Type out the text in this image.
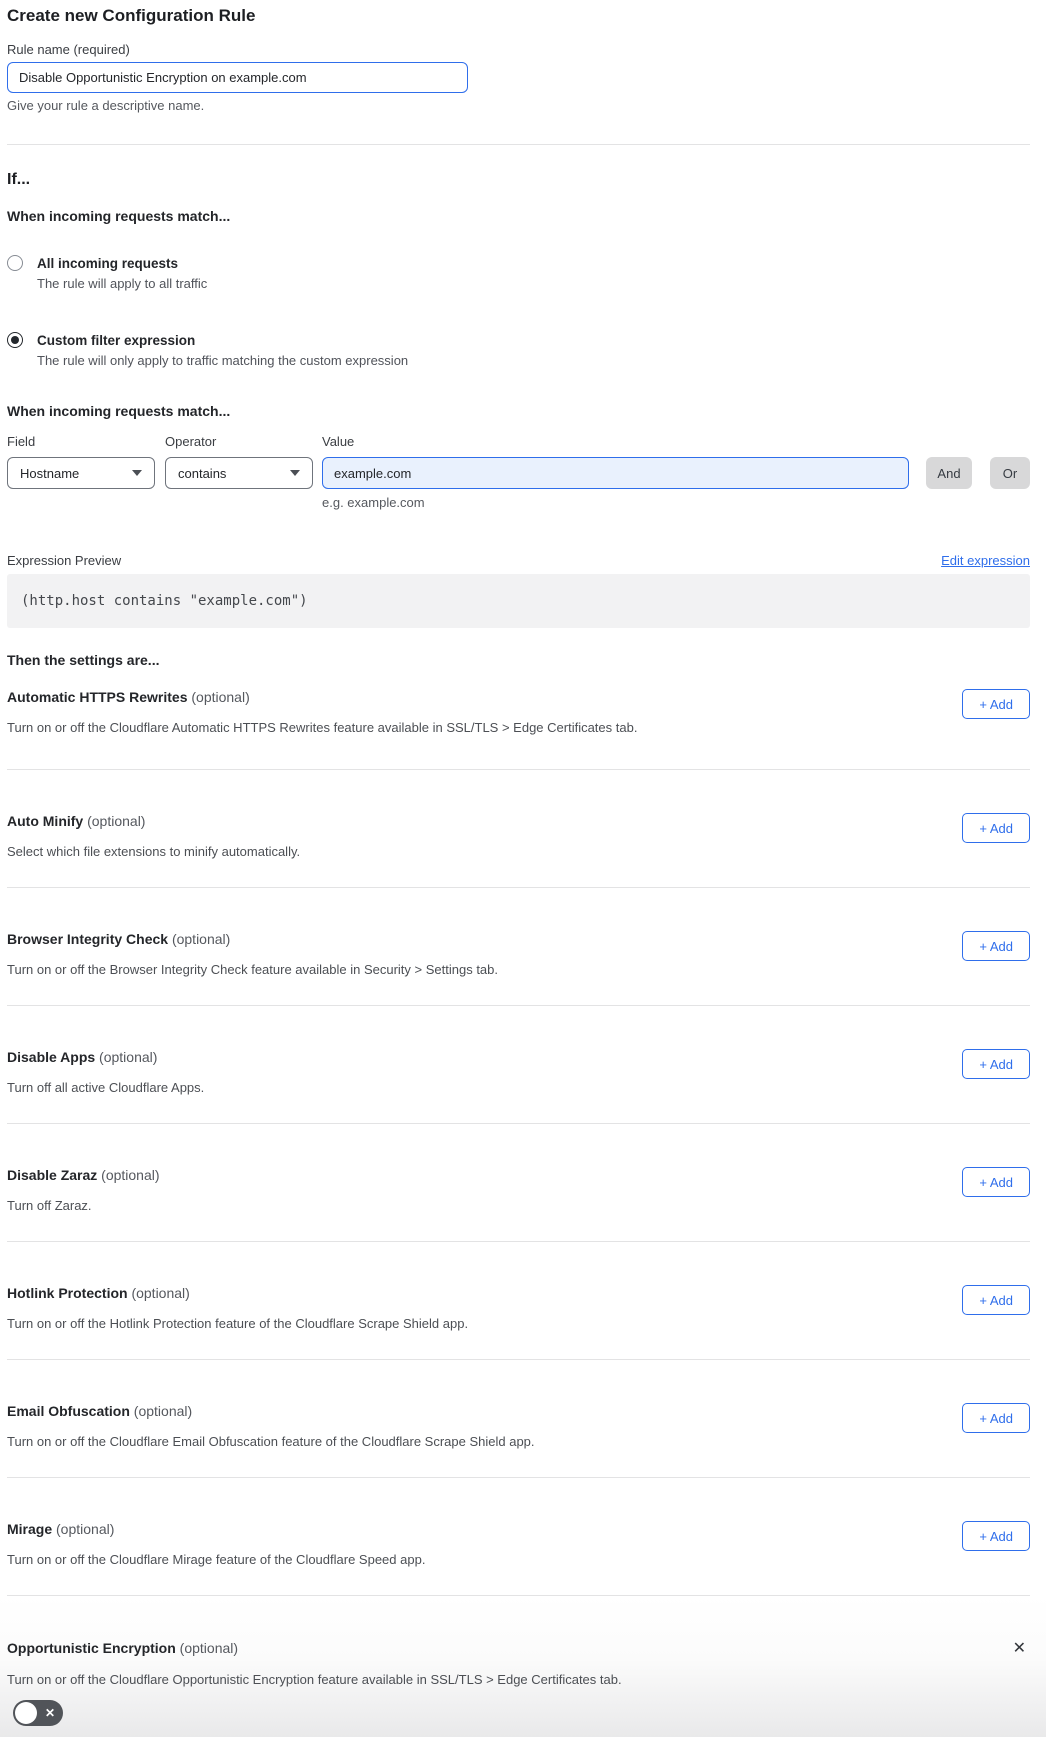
Create new Configuration Rule
Rule name (required)
Disable Opportunistic Encryption on example.com
Give your rule a descriptive name.
If...
When incoming requests match...
All incoming requests
The rule will apply to all traffic
Custom filter expression
The rule will only apply to traffic matching the custom expression
When incoming requests match...
Field
Hostname
Operator
contains
Value
example.com
And	Or
e.g. example.com
Expression Preview	Edit expression
(http.host contains "example.com")
Then the settings are...
Automatic HTTPS Rewrites (optional)
Turn on or off the Cloudflare Automatic HTTPS Rewrites feature available in SSL/TLS > Edge Certificates tab.
+ Add
Auto Minify (optional)
Select which file extensions to minify automatically.
+ Add
Browser Integrity Check (optional)
Turn on or off the Browser Integrity Check feature available in Security > Settings tab.
+ Add
Disable Apps (optional)
Turn off all active Cloudflare Apps.
+ Add
Disable Zaraz (optional)
Turn off Zaraz.
+ Add
Hotlink Protection (optional)
Turn on or off the Hotlink Protection feature of the Cloudflare Scrape Shield app.
+ Add
Email Obfuscation (optional)
Turn on or off the Cloudflare Email Obfuscation feature of the Cloudflare Scrape Shield app.
+ Add
Mirage (optional)
Turn on or off the Cloudflare Mirage feature of the Cloudflare Speed app.
+ Add
Opportunistic Encryption (optional)	✕
Turn on or off the Cloudflare Opportunistic Encryption feature available in SSL/TLS > Edge Certificates tab.
✕
